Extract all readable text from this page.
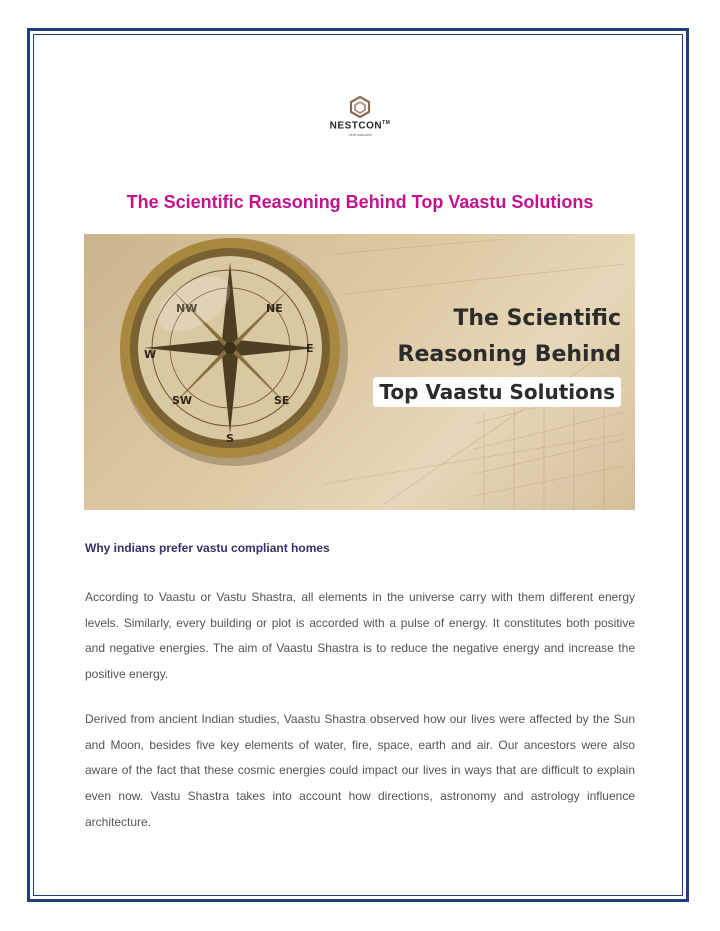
NESTCON™
nest assured
The Scientific Reasoning Behind Top Vaastu Solutions
NW	NE
W	E
SW	SE
S
The Scientific
Reasoning Behind
Top Vaastu Solutions
Why indians prefer vastu compliant homes

According to Vaastu or Vastu Shastra, all elements in the universe carry with them different energy levels. Similarly, every building or plot is accorded with a pulse of energy. It constitutes both positive and negative energies. The aim of Vaastu Shastra is to reduce the negative energy and increase the positive energy.

Derived from ancient Indian studies, Vaastu Shastra observed how our lives were affected by the Sun and Moon, besides five key elements of water, fire, space, earth and air. Our ancestors were also aware of the fact that these cosmic energies could impact our lives in ways that are difficult to explain even now. Vastu Shastra takes into account how directions, astronomy and astrology influence architecture.
